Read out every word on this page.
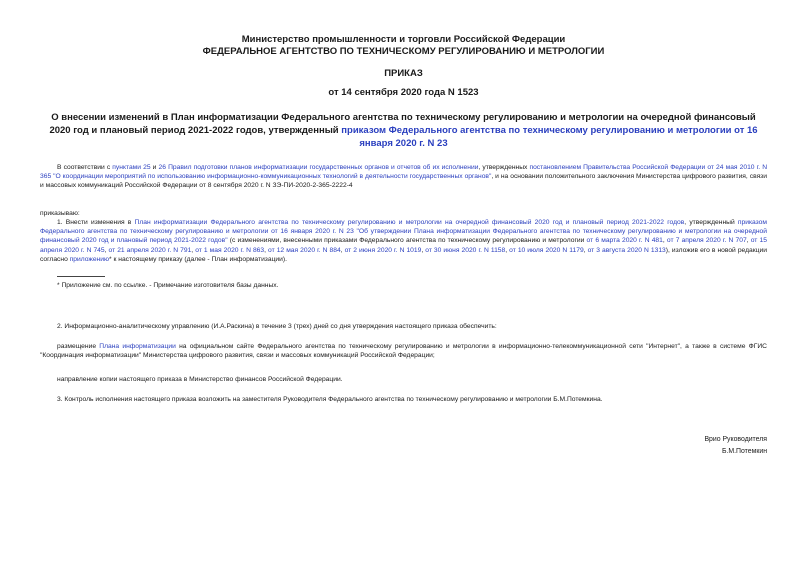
Министерство промышленности и торговли Российской Федерации
ФЕДЕРАЛЬНОЕ АГЕНТСТВО ПО ТЕХНИЧЕСКОМУ РЕГУЛИРОВАНИЮ И МЕТРОЛОГИИ
ПРИКАЗ
от 14 сентября 2020 года N 1523
О внесении изменений в План информатизации Федерального агентства по техническому регулированию и метрологии на очередной финансовый 2020 год и плановый период 2021-2022 годов, утвержденный приказом Федерального агентства по техническому регулированию и метрологии от 16 января 2020 г. N 23
В соответствии с пунктами 25 и 26 Правил подготовки планов информатизации государственных органов и отчетов об их исполнении, утвержденных постановлением Правительства Российской Федерации от 24 мая 2010 г. N 365 "О координации мероприятий по использованию информационно-коммуникационных технологий в деятельности государственных органов", и на основании положительного заключения Министерства цифрового развития, связи и массовых коммуникаций Российской Федерации от 8 сентября 2020 г. N ЗЭ-ПИ-2020-2-365-2222-4
приказываю:
1. Внести изменения в План информатизации Федерального агентства по техническому регулированию и метрологии на очередной финансовый 2020 год и плановый период 2021-2022 годов, утвержденный приказом Федерального агентства по техническому регулированию и метрологии от 16 января 2020 г. N 23 "Об утверждении Плана информатизации Федерального агентства по техническому регулированию и метрологии на очередной финансовый 2020 год и плановый период 2021-2022 годов" (с изменениями, внесенными приказами Федерального агентства по техническому регулированию и метрологии от 6 марта 2020 г. N 481, от 7 апреля 2020 г. N 707, от 15 апреля 2020 г. N 745, от 21 апреля 2020 г. N 791, от 1 мая 2020 г. N 863, от 12 мая 2020 г. N 884, от 2 июня 2020 г. N 1019, от 30 июня 2020 г. N 1158, от 10 июля 2020 N 1179, от 3 августа 2020 N 1313), изложив его в новой редакции согласно приложению* к настоящему приказу (далее - План информатизации).
* Приложение см. по ссылке. - Примечание изготовителя базы данных.
2. Информационно-аналитическому управлению (И.А.Раскина) в течение 3 (трех) дней со дня утверждения настоящего приказа обеспечить:
размещение Плана информатизации на официальном сайте Федерального агентства по техническому регулированию и метрологии в информационно-телекоммуникационной сети "Интернет", а также в системе ФГИС "Координация информатизации" Министерства цифрового развития, связи и массовых коммуникаций Российской Федерации;
направление копии настоящего приказа в Министерство финансов Российской Федерации.
3. Контроль исполнения настоящего приказа возложить на заместителя Руководителя Федерального агентства по техническому регулированию и метрологии Б.М.Потемкина.
Врио Руководителя
Б.М.Потемкин
